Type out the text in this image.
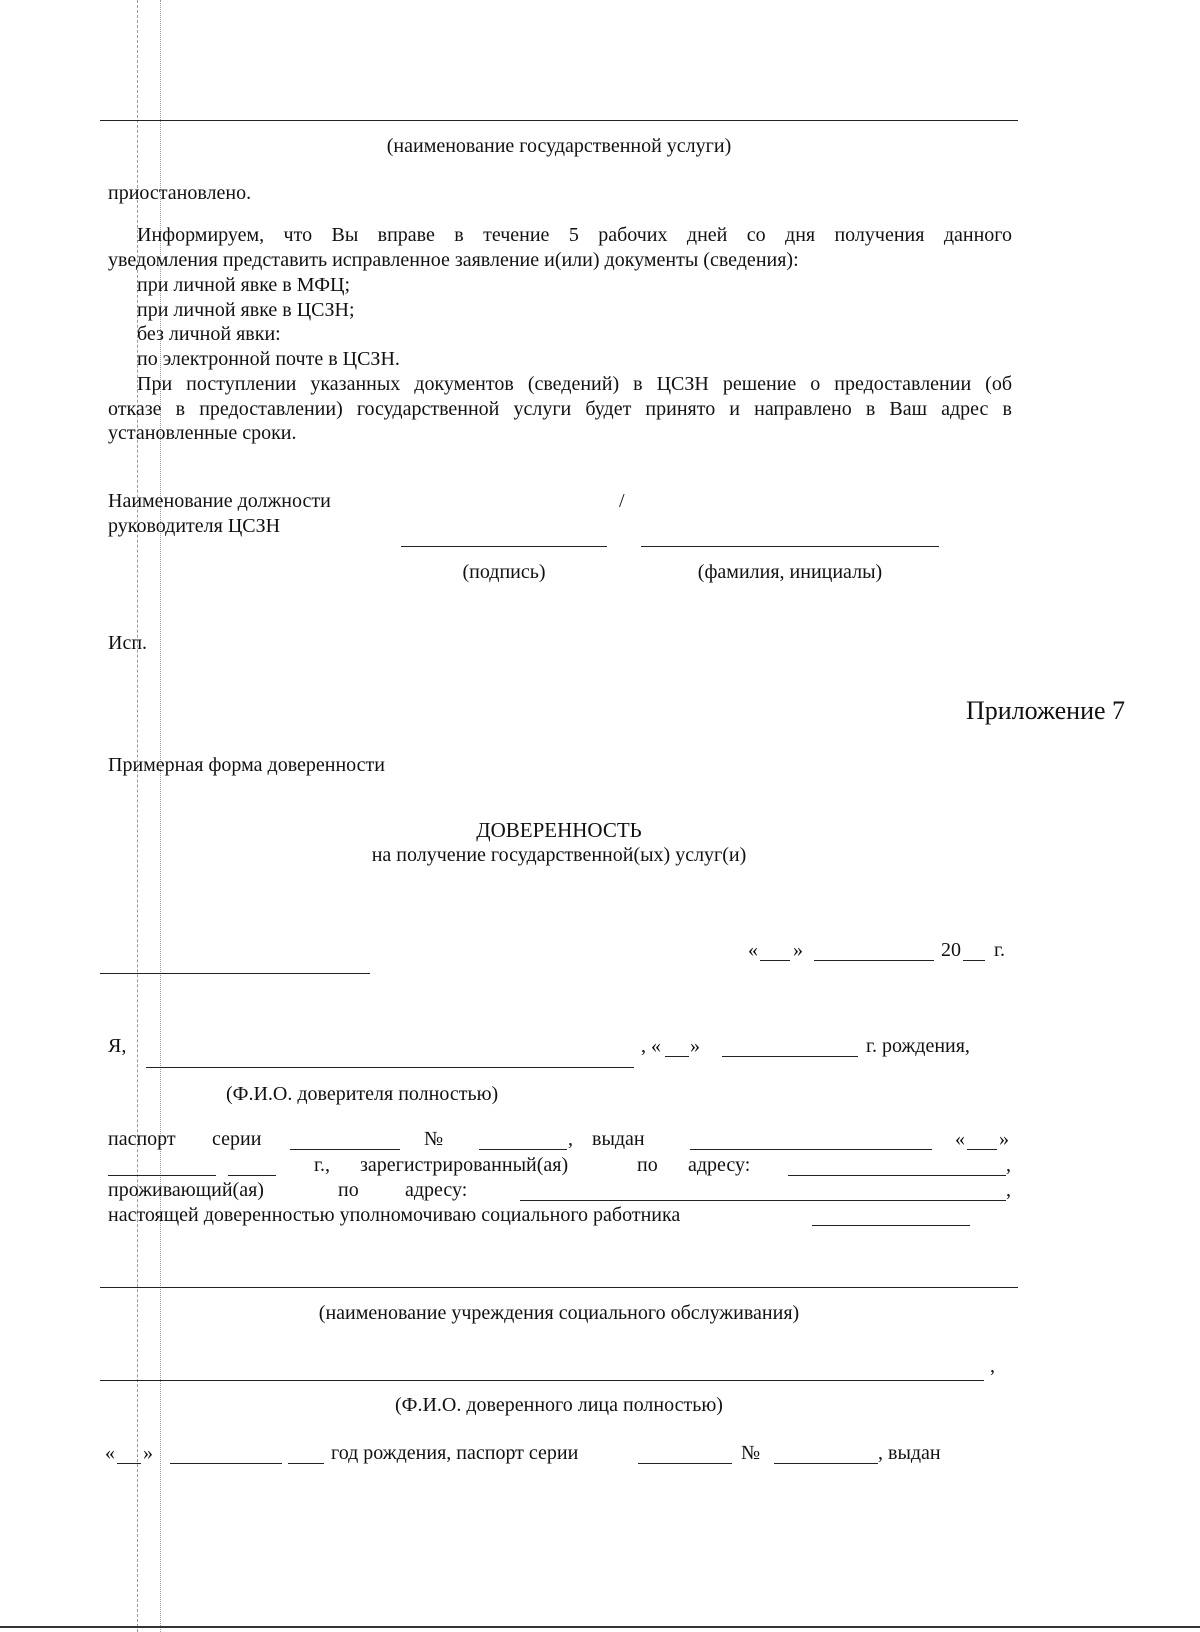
(наименование государственной услуги)
приостановлено.
Информируем, что Вы вправе в течение 5 рабочих дней со дня получения данного
уведомления представить исправленное заявление и(или) документы (сведения):
при личной явке в МФЦ;
при личной явке в ЦСЗН;
без личной явки:
по электронной почте в ЦСЗН.
При поступлении указанных документов (сведений) в ЦСЗН решение о предоставлении (об
отказе в предоставлении) государственной услуги будет принято и направлено в Ваш адрес в
установленные сроки.
Наименование должности
руководителя ЦСЗН
/
(подпись)	(фамилия, инициалы)
Исп.
Приложение 7
Примерная форма доверенности
ДОВЕРЕННОСТЬ
на получение государственной(ых) услуг(и)
« »	20 г.
Я,	, « »	г. рождения,
(Ф.И.О. доверителя полностью)
паспорт серии	№	, выдан	« »
г., зарегистрированный(ая)	по адресу:	,
проживающий(ая)	по адресу:	,
настоящей доверенностью уполномочиваю социального работника
(наименование учреждения социального обслуживания)
,
(Ф.И.О. доверенного лица полностью)
« »	год рождения, паспорт серии	№	, выдан
